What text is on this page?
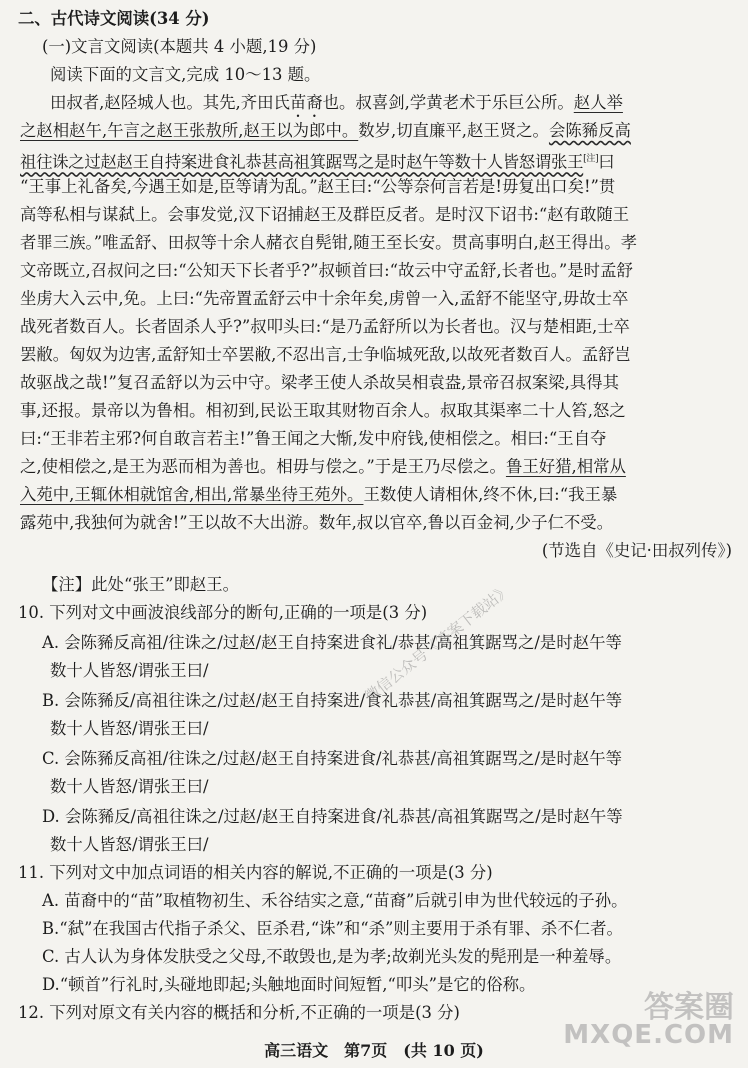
二、古代诗文阅读(34 分)
(一)文言文阅读(本题共 4 小题,19 分)
阅读下面的文言文,完成 10～13 题。
田叔者,赵陉城人也。其先,齐田氏苗裔也。叔喜剑,学黄老术于乐巨公所。赵人举
之赵相赵午,午言之赵王张敖所,赵王以为郎中。数岁,切直廉平,赵王贤之。会陈豨反高
祖往诛之过赵赵王自持案进食礼恭甚高祖箕踞骂之是时赵午等数十人皆怒谓张王[注]曰
“王事上礼备矣,今遇王如是,臣等请为乱。”赵王曰:“公等奈何言若是!毋复出口矣!”贯
高等私相与谋弑上。会事发觉,汉下诏捕赵王及群臣反者。是时汉下诏书:“赵有敢随王
者罪三族。”唯孟舒、田叔等十余人赭衣自髡钳,随王至长安。贯高事明白,赵王得出。孝
文帝既立,召叔问之曰:“公知天下长者乎?”叔顿首曰:“故云中守孟舒,长者也。”是时孟舒
坐虏大入云中,免。上曰:“先帝置孟舒云中十余年矣,虏曾一入,孟舒不能坚守,毋故士卒
战死者数百人。长者固杀人乎?”叔叩头曰:“是乃孟舒所以为长者也。汉与楚相距,士卒
罢敝。匈奴为边害,孟舒知士卒罢敝,不忍出言,士争临城死敌,以故死者数百人。孟舒岂
故驱战之哉!”复召孟舒以为云中守。梁孝王使人杀故吴相袁盎,景帝召叔案梁,具得其
事,还报。景帝以为鲁相。相初到,民讼王取其财物百余人。叔取其渠率二十人笞,怒之
曰:“王非若主邪?何自敢言若主!”鲁王闻之大惭,发中府钱,使相偿之。相曰:“王自夺
之,使相偿之,是王为恶而相为善也。相毋与偿之。”于是王乃尽偿之。鲁王好猎,相常从
入苑中,王辄休相就馆舍,相出,常暴坐待王苑外。王数使人请相休,终不休,曰:“我王暴
露苑中,我独何为就舍!”王以故不大出游。数年,叔以官卒,鲁以百金祠,少子仁不受。
(节选自《史记·田叔列传》)
【注】此处“张王”即赵王。
10. 下列对文中画波浪线部分的断句,正确的一项是(3 分)
A. 会陈豨反高祖/往诛之/过赵/赵王自持案进食礼/恭甚/高祖箕踞骂之/是时赵午等
数十人皆怒/谓张王曰/
B. 会陈豨反/高祖往诛之/过赵/赵王自持案进/食礼恭甚/高祖箕踞骂之/是时赵午等
数十人皆怒/谓张王曰/
C. 会陈豨反高祖/往诛之/过赵/赵王自持案进食/礼恭甚/高祖箕踞骂之/是时赵午等
数十人皆怒/谓张王曰/
D. 会陈豨反/高祖往诛之/过赵/赵王自持案进食/礼恭甚/高祖箕踞骂之/是时赵午等
数十人皆怒/谓张王曰/
11. 下列对文中加点词语的相关内容的解说,不正确的一项是(3 分)
A. 苗裔中的“苗”取植物初生、禾谷结实之意,“苗裔”后就引申为世代较远的子孙。
B.“弑”在我国古代指子杀父、臣杀君,“诛”和“杀”则主要用于杀有罪、杀不仁者。
C. 古人认为身体发肤受之父母,不敢毁也,是为孝;故剃光头发的髡刑是一种羞辱。
D.“顿首”行礼时,头碰地即起;头触地面时间短暂,“叩头”是它的俗称。
12. 下列对原文有关内容的概括和分析,不正确的一项是(3 分)
高三语文　第7页　(共 10 页)
微信公众号《答案下载站》
答案圈
MXQE.COM
